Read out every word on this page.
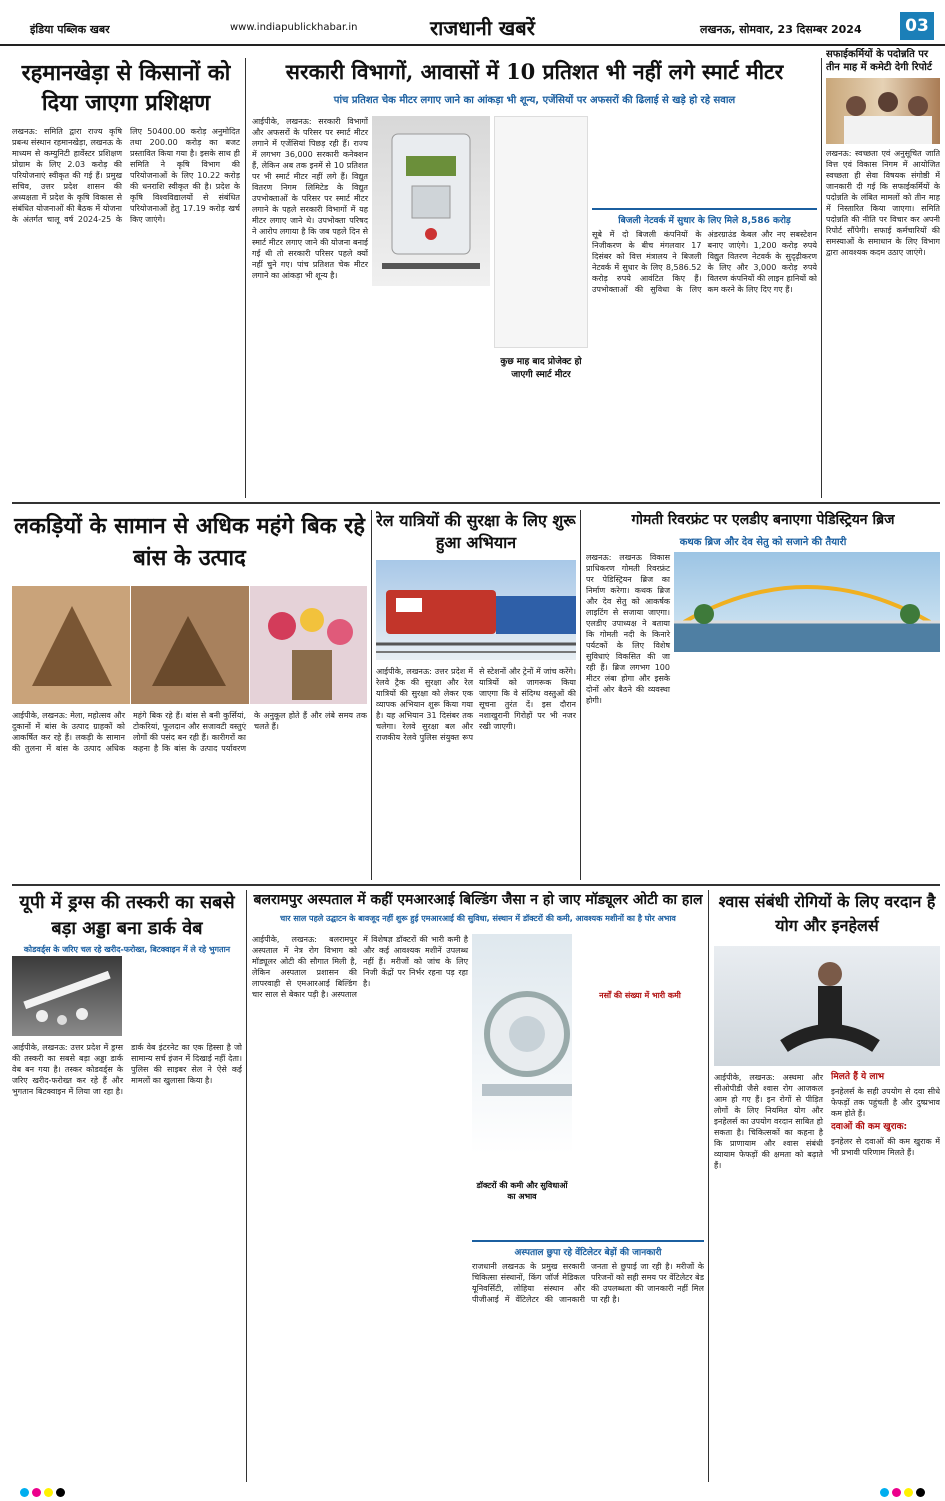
इंडिया पब्लिक खबर	www.indiapublickhabar.in	राजधानी खबरें	लखनऊ, सोमवार, 23 दिसम्बर 2024	03
रहमानखेड़ा से किसानों को दिया जाएगा प्रशिक्षण
लखनऊ: समिति द्वारा राज्य कृषि प्रबन्ध संस्थान रहमानखेड़ा, लखनऊ के माध्यम से कम्युनिटी हार्वेस्टर प्रशिक्षण प्रोग्राम के लिए 2.03 करोड़ की परियोजनाएं स्वीकृत की गई हैं। प्रमुख सचिव, उत्तर प्रदेश शासन की अध्यक्षता में प्रदेश के कृषि विकास से संबंधित योजनाओं की बैठक में योजना के अंतर्गत चालू वर्ष 2024-25 के लिए 50400.00 करोड़ अनुमोदित तथा 200.00 करोड़ का बजट प्रस्तावित किया गया है। इसके साथ ही समिति ने कृषि विभाग की परियोजनाओं के लिए 10.22 करोड़ की धनराशि स्वीकृत की है। प्रदेश के कृषि विश्वविद्यालयों से संबंधित परियोजनाओं हेतु 17.19 करोड़ खर्च किए जाएंगे।
सरकारी विभागों, आवासों में 10 प्रतिशत भी नहीं लगे स्मार्ट मीटर
पांच प्रतिशत चेक मीटर लगाए जाने का आंकड़ा भी शून्य, एजेंसियों पर अफसरों की ढिलाई से खड़े हो रहे सवाल
आईपीके, लखनऊ: सरकारी विभागों और अफसरों के परिसर पर स्मार्ट मीटर लगाने में एजेंसियां पिछड़ रही हैं। राज्य में लगभग 36,000 सरकारी कनेक्शन हैं, लेकिन अब तक इनमें से 10 प्रतिशत पर भी स्मार्ट मीटर नहीं लगे हैं। विद्युत वितरण निगम लिमिटेड के विद्युत उपभोक्ताओं के परिसर पर स्मार्ट मीटर लगाने के पहले सरकारी विभागों में यह मीटर लगाए जाने थे। उपभोक्ता परिषद ने आरोप लगाया है कि जब पहले दिन से स्मार्ट मीटर लगाए जाने की योजना बनाई गई थी तो सरकारी परिसर पहले क्यों नहीं चुने गए। पांच प्रतिशत चेक मीटर लगाने का आंकड़ा भी शून्य है।
कुछ माह बाद प्रोजेक्ट हो जाएगी स्मार्ट मीटर
बिजली नेटवर्क में सुधार के लिए मिले 8,586 करोड़
सूबे में दो बिजली कंपनियों के निजीकरण के बीच मंगलवार 17 दिसंबर को वित्त मंत्रालय ने बिजली नेटवर्क में सुधार के लिए 8,586.52 करोड़ रुपये आवंटित किए हैं। उपभोक्ताओं की सुविधा के लिए अंडरग्राउंड केबल और नए सबस्टेशन बनाए जाएंगे। 1,200 करोड़ रुपये विद्युत वितरण नेटवर्क के सुदृढ़ीकरण के लिए और 3,000 करोड़ रुपये वितरण कंपनियों की लाइन हानियों को कम करने के लिए दिए गए हैं।
सफाईकर्मियों के पदोन्नति पर तीन माह में कमेटी देगी रिपोर्ट
लखनऊ: स्वच्छता एवं अनुसूचित जाति वित्त एवं विकास निगम में आयोजित स्वच्छता ही सेवा विषयक संगोष्ठी में जानकारी दी गई कि सफाईकर्मियों के पदोन्नति के लंबित मामलों को तीन माह में निस्तारित किया जाएगा। समिति पदोन्नति की नीति पर विचार कर अपनी रिपोर्ट सौंपेगी। सफाई कर्मचारियों की समस्याओं के समाधान के लिए विभाग द्वारा आवश्यक कदम उठाए जाएंगे।
लकड़ियों के सामान से अधिक महंगे बिक रहे बांस के उत्पाद
आईपीके, लखनऊ: मेला, महोत्सव और दुकानों में बांस के उत्पाद ग्राहकों को आकर्षित कर रहे हैं। लकड़ी के सामान की तुलना में बांस के उत्पाद अधिक महंगे बिक रहे हैं। बांस से बनी कुर्सियां, टोकरियां, फूलदान और सजावटी वस्तुएं लोगों की पसंद बन रही हैं। कारीगरों का कहना है कि बांस के उत्पाद पर्यावरण के अनुकूल होते हैं और लंबे समय तक चलते हैं।
रेल यात्रियों की सुरक्षा के लिए शुरू हुआ अभियान
आईपीके, लखनऊ: उत्तर प्रदेश में रेलवे ट्रैक की सुरक्षा और रेल यात्रियों की सुरक्षा को लेकर एक व्यापक अभियान शुरू किया गया है। यह अभियान 31 दिसंबर तक चलेगा। रेलवे सुरक्षा बल और राजकीय रेलवे पुलिस संयुक्त रूप से स्टेशनों और ट्रेनों में जांच करेंगे। यात्रियों को जागरूक किया जाएगा कि वे संदिग्ध वस्तुओं की सूचना तुरंत दें। इस दौरान नशाखुरानी गिरोहों पर भी नजर रखी जाएगी।
गोमती रिवरफ्रंट पर एलडीए बनाएगा पेडिस्ट्रियन ब्रिज
कथक ब्रिज और देव सेतु को सजाने की तैयारी
लखनऊ: लखनऊ विकास प्राधिकरण गोमती रिवरफ्रंट पर पेडिस्ट्रियन ब्रिज का निर्माण करेगा। कथक ब्रिज और देव सेतु को आकर्षक लाइटिंग से सजाया जाएगा। एलडीए उपाध्यक्ष ने बताया कि गोमती नदी के किनारे पर्यटकों के लिए विशेष सुविधाएं विकसित की जा रही हैं। ब्रिज लगभग 100 मीटर लंबा होगा और इसके दोनों ओर बैठने की व्यवस्था होगी।
यूपी में ड्रग्स की तस्करी का सबसे बड़ा अड्डा बना डार्क वेब
कोडवर्ड्स के जरिए चल रहे खरीद-फरोख्त, बिटक्वाइन में ले रहे भुगतान
आईपीके, लखनऊ: उत्तर प्रदेश में ड्रग्स की तस्करी का सबसे बड़ा अड्डा डार्क वेब बन गया है। तस्कर कोडवर्ड्स के जरिए खरीद-फरोख्त कर रहे हैं और भुगतान बिटक्वाइन में लिया जा रहा है। डार्क वेब इंटरनेट का एक हिस्सा है जो सामान्य सर्च इंजन में दिखाई नहीं देता। पुलिस की साइबर सेल ने ऐसे कई मामलों का खुलासा किया है।
बलरामपुर अस्पताल में कहीं एमआरआई बिल्डिंग जैसा न हो जाए मॉड्यूलर ओटी का हाल
चार साल पहले उद्घाटन के बावजूद नहीं शुरू हुई एमआरआई की सुविधा, संस्थान में डॉक्टरों की कमी, आवश्यक मशीनों का है घोर अभाव
आईपीके, लखनऊ: बलरामपुर अस्पताल में नेत्र रोग विभाग को मॉड्यूलर ओटी की सौगात मिली है, लेकिन अस्पताल प्रशासन की लापरवाही से एमआरआई बिल्डिंग चार साल से बेकार पड़ी है। अस्पताल में विशेषज्ञ डॉक्टरों की भारी कमी है और कई आवश्यक मशीनें उपलब्ध नहीं हैं। मरीजों को जांच के लिए निजी केंद्रों पर निर्भर रहना पड़ रहा है।
डॉक्टरों की कमी और सुविधाओं का अभाव
नर्सों की संख्या में भारी कमी
अस्पताल छुपा रहे वेंटिलेटर बेड़ों की जानकारी
राजधानी लखनऊ के प्रमुख सरकारी चिकित्सा संस्थानों, किंग जॉर्ज मेडिकल यूनिवर्सिटी, लोहिया संस्थान और पीजीआई में वेंटिलेटर की जानकारी जनता से छुपाई जा रही है। मरीजों के परिजनों को सही समय पर वेंटिलेटर बेड की उपलब्धता की जानकारी नहीं मिल पा रही है।
श्वास संबंधी रोगियों के लिए वरदान है योग और इनहेलर्स

आईपीके, लखनऊ: अस्थमा और सीओपीडी जैसे श्वास रोग आजकल आम हो गए हैं। इन रोगों से पीड़ित लोगों के लिए नियमित योग और इनहेलर्स का उपयोग वरदान साबित हो सकता है। चिकित्सकों का कहना है कि प्राणायाम और श्वास संबंधी व्यायाम फेफड़ों की क्षमता को बढ़ाते हैं।

मिलते हैं ये लाभ

इनहेलर्स के सही उपयोग से दवा सीधे फेफड़ों तक पहुंचती है और दुष्प्रभाव कम होते हैं।

दवाओं की कम खुराक:

इनहेलर से दवाओं की कम खुराक में भी प्रभावी परिणाम मिलते हैं।
